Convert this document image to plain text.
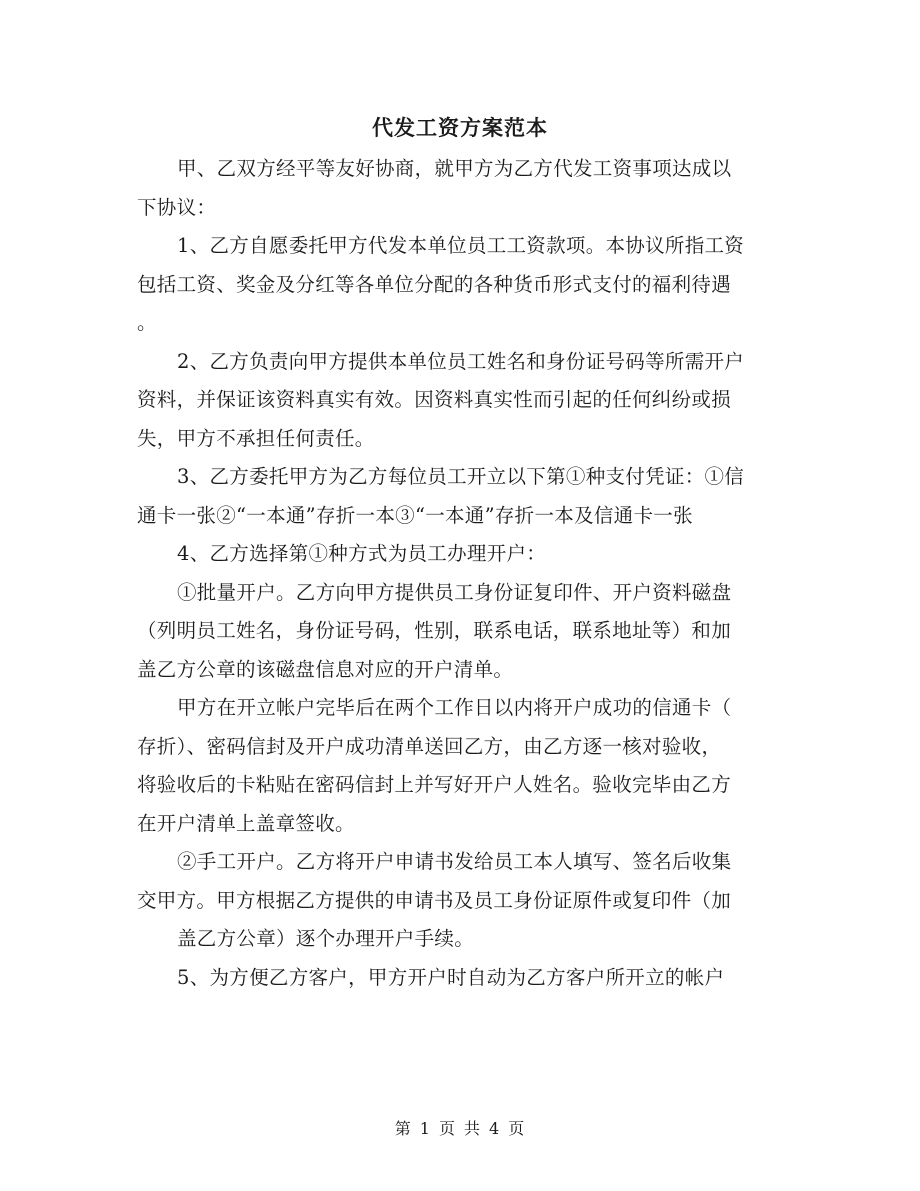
代发工资方案范本
甲、乙双方经平等友好协商，就甲方为乙方代发工资事项达成以
下协议：
1、乙方自愿委托甲方代发本单位员工工资款项。本协议所指工资
包括工资、奖金及分红等各单位分配的各种货币形式支付的福利待遇
。
2、乙方负责向甲方提供本单位员工姓名和身份证号码等所需开户
资料，并保证该资料真实有效。因资料真实性而引起的任何纠纷或损
失，甲方不承担任何责任。
3、乙方委托甲方为乙方每位员工开立以下第①种支付凭证：①信
通卡一张②“一本通”存折一本③“一本通”存折一本及信通卡一张
4、乙方选择第①种方式为员工办理开户：
①批量开户。乙方向甲方提供员工身份证复印件、开户资料磁盘
（列明员工姓名，身份证号码，性别，联系电话，联系地址等）和加
盖乙方公章的该磁盘信息对应的开户清单。
甲方在开立帐户完毕后在两个工作日以内将开户成功的信通卡（
存折）、密码信封及开户成功清单送回乙方，由乙方逐一核对验收，
将验收后的卡粘贴在密码信封上并写好开户人姓名。验收完毕由乙方
在开户清单上盖章签收。
②手工开户。乙方将开户申请书发给员工本人填写、签名后收集
交甲方。甲方根据乙方提供的申请书及员工身份证原件或复印件（加
盖乙方公章）逐个办理开户手续。
5、为方便乙方客户，甲方开户时自动为乙方客户所开立的帐户
第 1 页 共 4 页
